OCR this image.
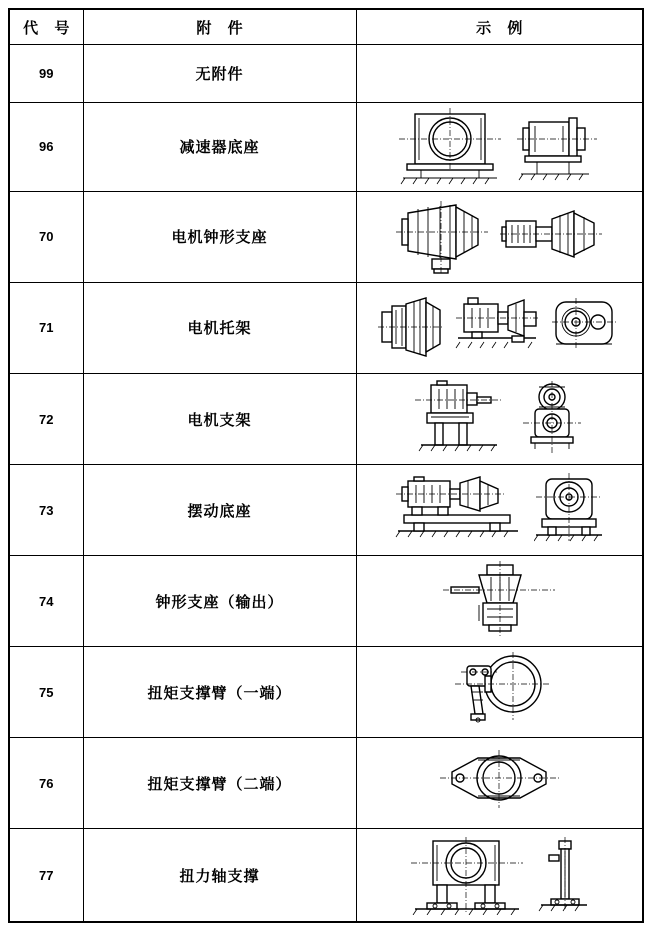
代 号	附 件	示 例
99	无附件	

96	减速器底座	

70	电机钟形支座	

71	电机托架	

72	电机支架	

73	摆动底座	

74	钟形支座（输出）	

75	扭矩支撑臂（一端）	

76	扭矩支撑臂（二端）	

77	扭力轴支撑	
